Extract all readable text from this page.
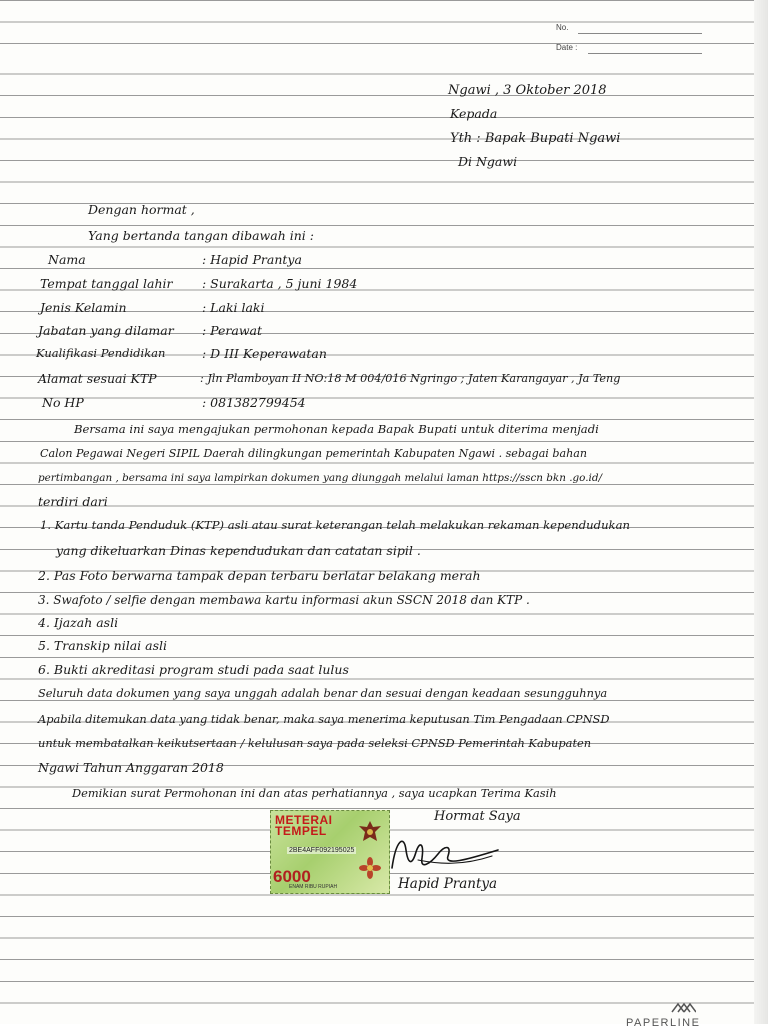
No.
Date :
Ngawi , 3 Oktober 2018
Kepada
Yth : Bapak Bupati Ngawi
Di Ngawi
Dengan hormat ,
Yang bertanda tangan dibawah ini :
Nama	: Hapid Prantya
Tempat tanggal lahir : Surakarta , 5 juni 1984
Jenis Kelamin	: Laki laki
Jabatan yang dilamar : Perawat
Kualifikasi Pendidikan	: D III Keperawatan
Alamat sesuai KTP	: Jln Plamboyan II NO:18 M 004/016 Ngringo ; Jaten Karangayar , Ja Teng
No HP	: 081382799454
Bersama ini saya mengajukan permohonan kepada Bapak Bupati untuk diterima menjadi
Calon Pegawai Negeri SIPIL Daerah dilingkungan pemerintah Kabupaten Ngawi . sebagai bahan
pertimbangan , bersama ini saya lampirkan dokumen yang diunggah melalui laman https://sscn bkn .go.id/
terdiri dari
1. Kartu tanda Penduduk (KTP) asli atau surat keterangan telah melakukan rekaman kependudukan
yang dikeluarkan Dinas kependudukan dan catatan sipil .
2. Pas Foto berwarna tampak depan terbaru berlatar belakang merah
3. Swafoto / selfie dengan membawa kartu informasi akun SSCN 2018 dan KTP .
4. Ijazah asli
5. Transkip nilai asli
6. Bukti akreditasi program studi pada saat lulus
Seluruh data dokumen yang saya unggah adalah benar dan sesuai dengan keadaan sesungguhnya
Apabila ditemukan data yang tidak benar, maka saya menerima keputusan Tim Pengadaan CPNSD
untuk membatalkan keikutsertaan / kelulusan saya pada seleksi CPNSD Pemerintah Kabupaten
Ngawi Tahun Anggaran 2018
Demikian surat Permohonan ini dan atas perhatiannya , saya ucapkan Terima Kasih
Hormat Saya
METERAI
TEMPEL
2BE4AFF092195025
6000
ENAM RIBU RUPIAH	Hapid Prantya
PAPERLINE
